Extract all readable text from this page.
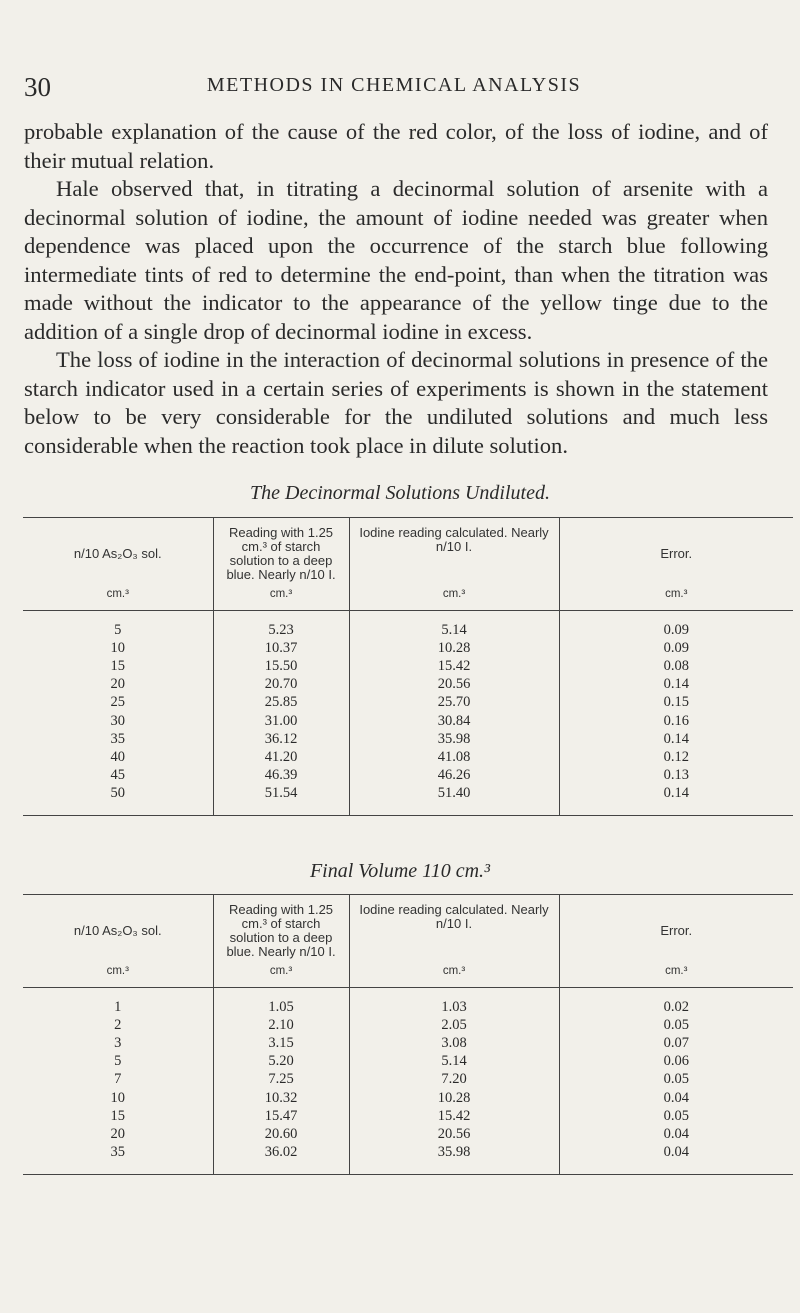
30	METHODS IN CHEMICAL ANALYSIS

probable explanation of the cause of the red color, of the loss of iodine, and of their mutual relation.

Hale observed that, in titrating a decinormal solution of arsenite with a decinormal solution of iodine, the amount of iodine needed was greater when dependence was placed upon the occurrence of the starch blue following intermediate tints of red to determine the end-point, than when the titration was made without the indicator to the appearance of the yellow tinge due to the addition of a single drop of decinormal iodine in excess.

The loss of iodine in the interaction of decinormal solutions in presence of the starch indicator used in a certain series of experiments is shown in the statement below to be very considerable for the undiluted solutions and much less considerable when the reaction took place in dilute solution.

The Decinormal Solutions Undiluted.
n/10 As₂O₃ sol.	Reading with 1.25 cm.³ of starch solution to a deep blue. Nearly n/10 I.	Iodine reading calculated. Nearly n/10 I.	Error.
cm.³	cm.³	cm.³	cm.³
5	5.23	5.14	0.09
10	10.37	10.28	0.09
15	15.50	15.42	0.08
20	20.70	20.56	0.14
25	25.85	25.70	0.15
30	31.00	30.84	0.16
35	36.12	35.98	0.14
40	41.20	41.08	0.12
45	46.39	46.26	0.13
50	51.54	51.40	0.14
Final Volume 110 cm.³
n/10 As₂O₃ sol.	Reading with 1.25 cm.³ of starch solution to a deep blue. Nearly n/10 I.	Iodine reading calculated. Nearly n/10 I.	Error.
cm.³	cm.³	cm.³	cm.³
1	1.05	1.03	0.02
2	2.10	2.05	0.05
3	3.15	3.08	0.07
5	5.20	5.14	0.06
7	7.25	7.20	0.05
10	10.32	10.28	0.04
15	15.47	15.42	0.05
20	20.60	20.56	0.04
35	36.02	35.98	0.04
